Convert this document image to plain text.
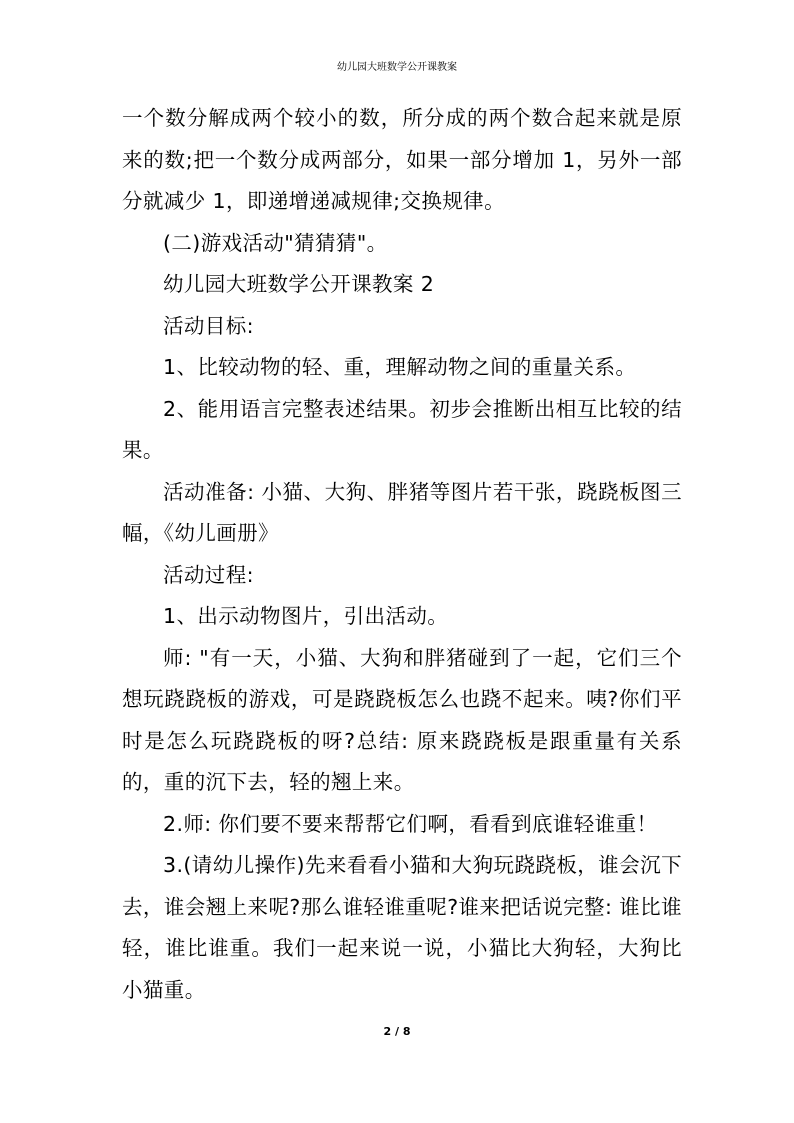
幼儿园大班数学公开课教案

一个数分解成两个较小的数，所分成的两个数合起来就是原来的数;把一个数分成两部分，如果一部分增加 1，另外一部分就减少 1，即递增递减规律;交换规律。

(二)游戏活动"猜猜猜"。

幼儿园大班数学公开课教案 2

活动目标:

1、比较动物的轻、重，理解动物之间的重量关系。

2、能用语言完整表述结果。初步会推断出相互比较的结果。

活动准备: 小猫、大狗、胖猪等图片若干张，跷跷板图三幅，《幼儿画册》

活动过程:

1、出示动物图片，引出活动。

师: "有一天，小猫、大狗和胖猪碰到了一起，它们三个想玩跷跷板的游戏，可是跷跷板怎么也跷不起来。咦?你们平时是怎么玩跷跷板的呀?总结: 原来跷跷板是跟重量有关系的，重的沉下去，轻的翘上来。

2.师: 你们要不要来帮帮它们啊，看看到底谁轻谁重！

3.(请幼儿操作)先来看看小猫和大狗玩跷跷板，谁会沉下去，谁会翘上来呢?那么谁轻谁重呢?谁来把话说完整: 谁比谁轻，谁比谁重。我们一起来说一说，小猫比大狗轻，大狗比小猫重。

2 / 8
